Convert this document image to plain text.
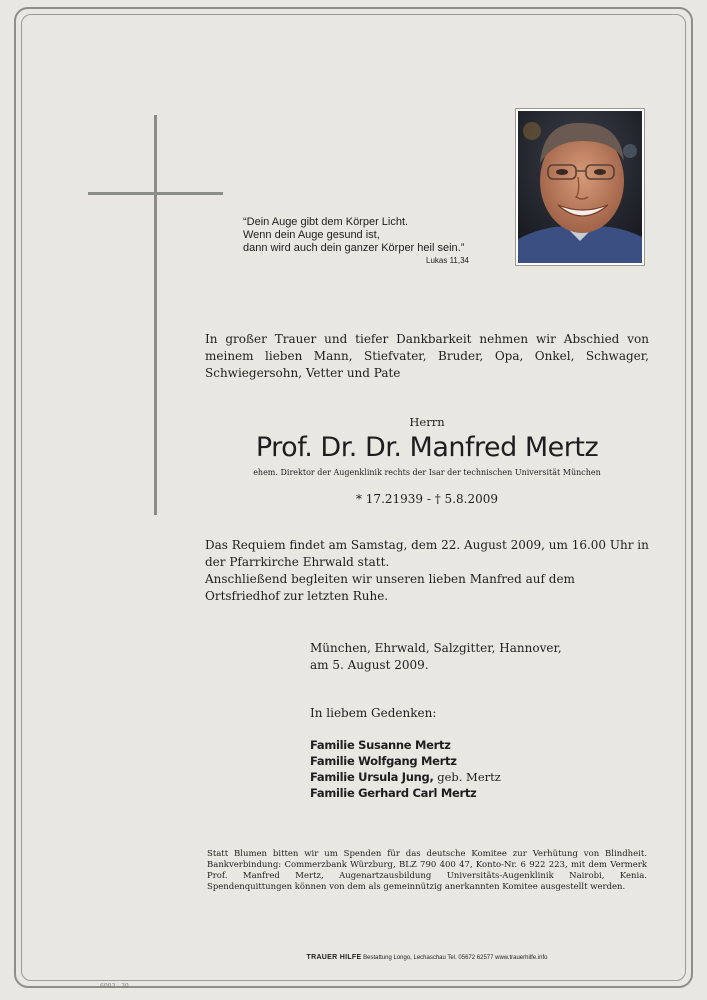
“Dein Auge gibt dem Körper Licht.
Wenn dein Auge gesund ist,
dann wird auch dein ganzer Körper heil sein.”
Lukas 11,34
In großer Trauer und tiefer Dankbarkeit nehmen wir Abschied von meinem lieben Mann, Stiefvater, Bruder, Opa, Onkel, Schwager, Schwiegersohn, Vetter und Pate
Herrn
Prof. Dr. Dr. Manfred Mertz
ehem. Direktor der Augenklinik rechts der Isar der technischen Universität München
* 17.21939 - † 5.8.2009

Das Requiem findet am Samstag, dem 22. August 2009, um 16.00 Uhr in der Pfarrkirche Ehrwald statt.

Anschließend begleiten wir unseren lieben Manfred auf dem Ortsfriedhof zur letzten Ruhe.

München, Ehrwald, Salzgitter, Hannover,
am 5. August 2009.
In liebem Gedenken:
Familie Susanne Mertz
Familie Wolfgang Mertz
Familie Ursula Jung, geb. Mertz
Familie Gerhard Carl Mertz
Statt Blumen bitten wir um Spenden für das deutsche Komitee zur Verhütung von Blindheit. Bankverbindung: Commerzbank Würzburg, BLZ 790 400 47, Konto-Nr. 6 922 223, mit dem Vermerk Prof. Manfred Mertz, Augenartzausbildung Universitäts-Augenklinik Nairobi, Kenia. Spendenquittungen können von dem als gemeinnützig anerkannten Komitee ausgestellt werden.
TRAUER HILFE Bestattung Longo, Lechaschau Tel. 05672 62577 www.trauerhilfe.info
6003 - 30
